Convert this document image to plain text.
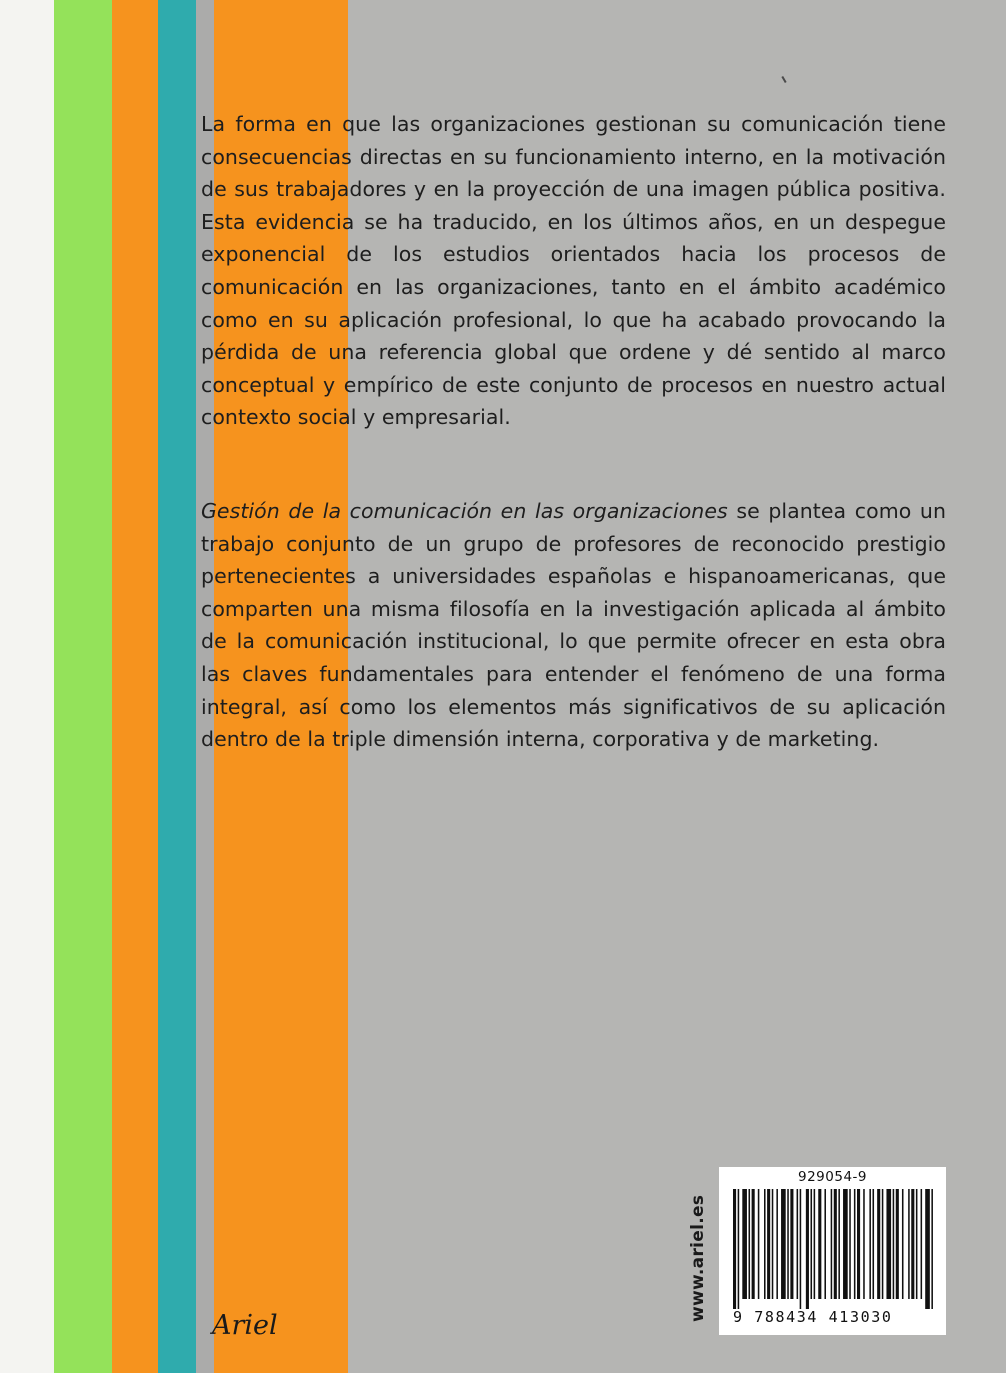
La forma en que las organizaciones gestionan su comunicación tiene consecuencias directas en su funcionamiento interno, en la motivación de sus trabajadores y en la proyección de una imagen pública positiva. Esta evidencia se ha traducido, en los últimos años, en un despegue exponencial de los estudios orientados hacia los procesos de comunicación en las organizaciones, tanto en el ámbito académico como en su aplicación profesional, lo que ha acabado provocando la pérdida de una referencia global que ordene y dé sentido al marco conceptual y empírico de este conjunto de procesos en nuestro actual contexto social y empresarial.

Gestión de la comunicación en las organizaciones se plantea como un trabajo conjunto de un grupo de profesores de reconocido prestigio pertenecientes a universidades españolas e hispanoamericanas, que comparten una misma filosofía en la investigación aplicada al ámbito de la comunicación institucional, lo que permite ofrecer en esta obra las claves fundamentales para entender el fenómeno de una forma integral, así como los elementos más significativos de su aplicación dentro de la triple dimensión interna, corporativa y de marketing.

Ariel
www.ariel.es
929054-9
9 788434 413030
